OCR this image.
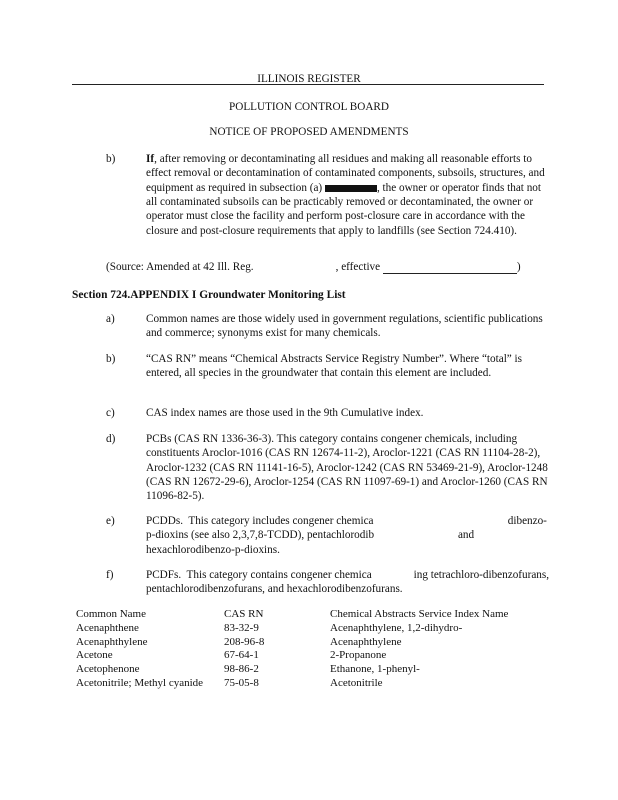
ILLINOIS REGISTER
POLLUTION CONTROL BOARD
NOTICE OF PROPOSED AMENDMENTS
b)	If, after removing or decontaminating all residues and making all reasonable efforts to effect removal or decontamination of contaminated components, subsoils, structures, and equipment as required in subsection (a)	, the owner or operator finds that not all contaminated subsoils can be practicably removed or decontaminated, the owner or operator must close the facility and perform post-closure care in accordance with the closure and post-closure requirements that apply to landfills (see Section 724.410).
(Source: Amended at 42 Ill. Reg.	, effective	)
Section 724.APPENDIX I Groundwater Monitoring List
a)	Common names are those widely used in government regulations, scientific publications and commerce; synonyms exist for many chemicals.
b)	“CAS RN” means “Chemical Abstracts Service Registry Number”. Where “total” is entered, all species in the groundwater that contain this element are included.
c)	CAS index names are those used in the 9th Cumulative index.
d)	PCBs (CAS RN 1336-36-3). This category contains congener chemicals, including constituents Aroclor-1016 (CAS RN 12674-11-2), Aroclor-1221 (CAS RN 11104-28-2), Aroclor-1232 (CAS RN 11141-16-5), Aroclor-1242 (CAS RN 53469-21-9), Aroclor-1248 (CAS RN 12672-29-6), Aroclor-1254 (CAS RN 11097-69-1) and Aroclor-1260 (CAS RN 11096-82-5).
e)	PCDDs.  This category includes congener chemica                                                dibenzo-p-dioxins (see also 2,3,7,8-TCDD), pentachlorodib                              and hexachlorodibenzo-p-dioxins.
f)	PCDFs.  This category contains congener chemica               ing tetrachloro-dibenzofurans, pentachlorodibenzofurans, and hexachlorodibenzofurans.
Common Name	CAS RN	Chemical Abstracts Service Index Name
Acenaphthene	83-32-9	Acenaphthylene, 1,2-dihydro-
Acenaphthylene	208-96-8	Acenaphthylene
Acetone	67-64-1	2-Propanone
Acetophenone	98-86-2	Ethanone, 1-phenyl-
Acetonitrile; Methyl cyanide	75-05-8	Acetonitrile
